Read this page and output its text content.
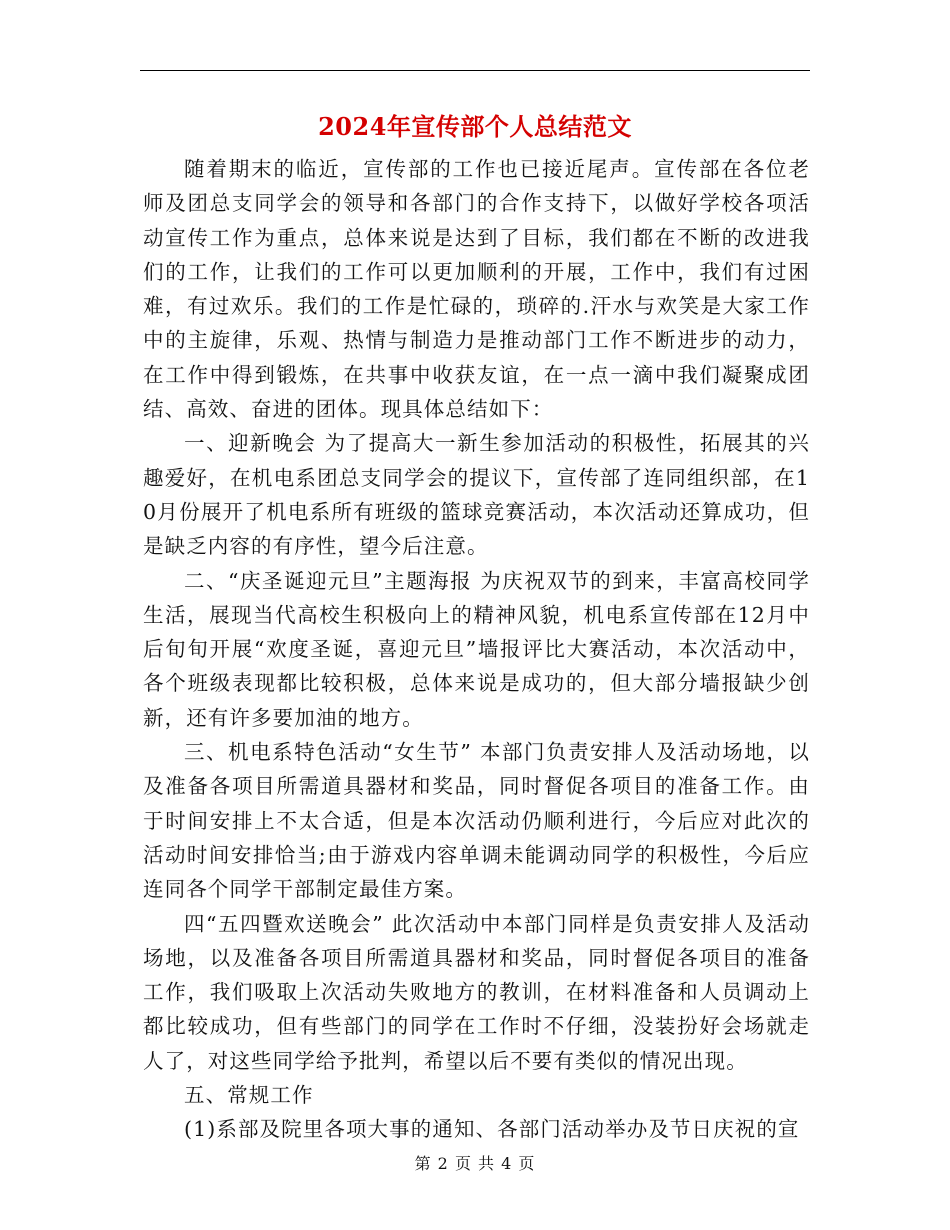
2024年宣传部个人总结范文

随着期末的临近，宣传部的工作也已接近尾声。宣传部在各位老师及团总支同学会的领导和各部门的合作支持下，以做好学校各项活动宣传工作为重点，总体来说是达到了目标，我们都在不断的改进我们的工作，让我们的工作可以更加顺利的开展，工作中，我们有过困难，有过欢乐。我们的工作是忙碌的，琐碎的.汗水与欢笑是大家工作中的主旋律，乐观、热情与制造力是推动部门工作不断进步的动力，在工作中得到锻炼，在共事中收获友谊，在一点一滴中我们凝聚成团结、高效、奋进的团体。现具体总结如下：

一、迎新晚会 为了提高大一新生参加活动的积极性，拓展其的兴趣爱好，在机电系团总支同学会的提议下，宣传部了连同组织部，在10月份展开了机电系所有班级的篮球竞赛活动，本次活动还算成功，但是缺乏内容的有序性，望今后注意。

二、“庆圣诞迎元旦”主题海报 为庆祝双节的到来，丰富高校同学生活，展现当代高校生积极向上的精神风貌，机电系宣传部在12月中后旬旬开展“欢度圣诞，喜迎元旦”墙报评比大赛活动，本次活动中，各个班级表现都比较积极，总体来说是成功的，但大部分墙报缺少创新，还有许多要加油的地方。

三、机电系特色活动“女生节” 本部门负责安排人及活动场地，以及准备各项目所需道具器材和奖品，同时督促各项目的准备工作。由于时间安排上不太合适，但是本次活动仍顺利进行，今后应对此次的活动时间安排恰当;由于游戏内容单调未能调动同学的积极性，今后应连同各个同学干部制定最佳方案。

四“五四暨欢送晚会” 此次活动中本部门同样是负责安排人及活动场地，以及准备各项目所需道具器材和奖品，同时督促各项目的准备工作，我们吸取上次活动失败地方的教训，在材料准备和人员调动上都比较成功，但有些部门的同学在工作时不仔细，没装扮好会场就走人了，对这些同学给予批判，希望以后不要有类似的情况出现。

五、常规工作

(1)系部及院里各项大事的通知、各部门活动举办及节日庆祝的宣

第 2 页 共 4 页
